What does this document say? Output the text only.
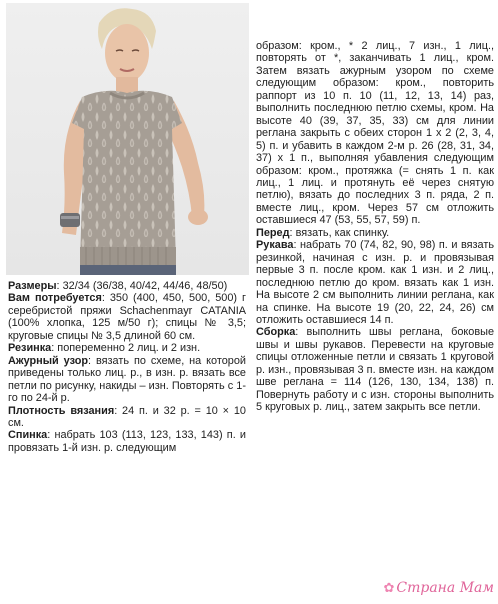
Размеры: 32/34 (36/38, 40/42, 44/46, 48/50)

Вам потребуется: 350 (400, 450, 500, 500) г серебристой пряжи Schachenmayr CATANIA (100% хлопка, 125 м/50 г); спицы № 3,5; круговые спицы № 3,5 длиной 60 см.

Резинка: попеременно 2 лиц. и 2 изн.

Ажурный узор: вязать по схеме, на которой приведены только лиц. р., в изн. р. вязать все петли по рисунку, накиды – изн. Повторять с 1-го по 24-й р.

Плотность вязания: 24 п. и 32 р. = 10 × 10 см.

Спинка: набрать 103 (113, 123, 133, 143) п. и провязать 1-й изн. р. следующим

образом: кром., * 2 лиц., 7 изн., 1 лиц., повторять от *, заканчивать 1 лиц., кром. Затем вязать ажурным узором по схеме следующим образом: кром., повторить раппорт из 10 п. 10 (11, 12, 13, 14) раз, выполнить последнюю петлю схемы, кром. На высоте 40 (39, 37, 35, 33) см для линии реглана закрыть с обеих сторон 1 х 2 (2, 3, 4, 5) п. и убавить в каждом 2-м р. 26 (28, 31, 34, 37) х 1 п., выполняя убавления следующим образом: кром., протяжка (= снять 1 п. как лиц., 1 лиц. и протянуть её через снятую петлю), вязать до последних 3 п. ряда, 2 п. вместе лиц., кром. Через 57 см отложить оставшиеся 47 (53, 55, 57, 59) п.

Перед: вязать, как спинку.

Рукава: набрать 70 (74, 82, 90, 98) п. и вязать резинкой, начиная с изн. р. и провязывая первые 3 п. после кром. как 1 изн. и 2 лиц., последнюю петлю до кром. вязать как 1 изн. На высоте 2 см выполнить линии реглана, как на спинке. На высоте 19 (20, 22, 24, 26) см отложить оставшиеся 14 п.

Сборка: выполнить швы реглана, боковые швы и швы рукавов. Перевести на круговые спицы отложенные петли и связать 1 круговой р. изн., провязывая 3 п. вместе изн. на каждом шве реглана = 114 (126, 130, 134, 138) п. Повернуть работу и с изн. стороны выполнить 5 круговых р. лиц., затем закрыть все петли.

✿ Страна Мам
